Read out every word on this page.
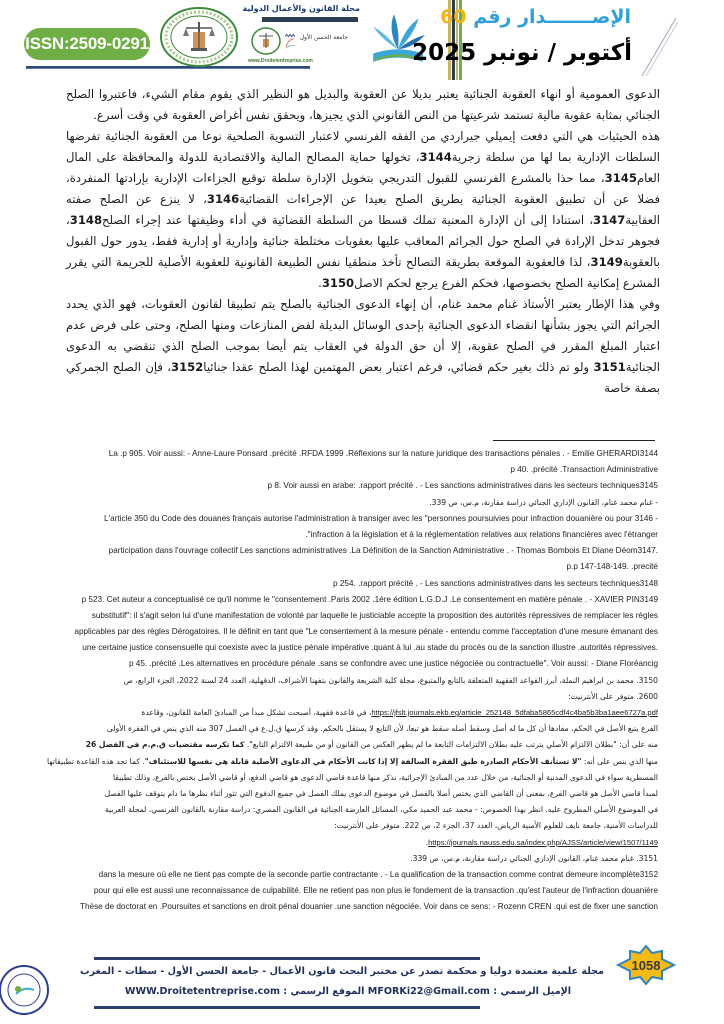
ISSN:2509-0291
مجلة القانون والأعمال الدولية
جامعة الحسن الأول
www.Droitetentreprise.com
الإصـــــــدار رقم 60
أكتوبر / نونبر 2025

الدعوى العمومية أو انهاء العقوبة الجنائية يعتبر بديلا عن العقوبة والبديل هو النظير الذي يقوم مقام الشيء، فاعتبروا الصلح الجنائي بمثابة عقوبة مالية تستمد شرعيتها من النص القانوني الذي يجيزها، ويحقق نفس أغراض العقوبة في وقت أسرع.

هذه الحيثيات هي التي دفعت إيميلي جيراردي من الفقه الفرنسي لاعتبار التسوية الصلحية نوعا من العقوبة الجنائية تفرضها السلطات الإدارية بما لها من سلطة زجرية3144، تخولها حماية المصالح المالية والاقتصادية للدولة والمحافظة على المال العام3145، مما حذا بالمشرع الفرنسي للقبول التدريجي بتخويل الإدارة سلطة توقيع الجزاءات الإدارية بإرادتها المنفردة، فضلا عن أن تطبيق العقوبة الجنائية بطريق الصلح بعيدا عن الإجراءات القضائية3146، لا ينزع عن الصلح صفته العقابية3147، استنادا إلى أن الإدارة المعنية تملك قسطا من السلطة القضائية في أداء وظيفتها عند إجراء الصلح3148، فجوهر تدخل الإرادة في الصلح حول الجرائم المعاقب عليها بعقوبات مختلطة جنائية وإدارية أو إدارية فقط، يدور حول القبول بالعقوبة3149، لذا فالعقوبة الموقعة بطريقة التصالح تأخذ منطقيا نفس الطبيعة القانونية للعقوبة الأصلية للجريمة التي يقرر المشرع إمكانية الصلح بخصوصها، فحكم الفرع يرجع لحكم الاصل3150.

وفي هذا الإطار يعتبر الأستاذ غنام محمد غنام، أن إنهاء الدعوى الجنائية بالصلح يتم تطبيقا لقانون العقوبات، فهو الذي يحدد الجرائم التي يجوز بشأنها انقضاء الدعوى الجنائية بإحدى الوسائل البديلة لفض المنازعات ومنها الصلح، وحتى على فرض عدم اعتبار المبلغ المقرر في الصلح عقوبة، إلا أن حق الدولة في العقاب يتم أيضا بموجب الصلح الذي تنقضي به الدعوى الجنائية3151 ولو تم ذلك بغير حكم قضائي، فرغم اعتبار بعض المهتمين لهذا الصلح عقدا جنائيا3152، فإن الصلح الجمركي بصفة خاصة

La .p 905. Voir aussi: - Anne-Laure Ponsard .précité .RFDA 1999 .Réflexions sur la nature juridique des transactions pénales . - Emilie GHERARDI3144
p 40. .précité .Transaction Administrative
p 8. Voir aussi en arabe: .rapport précité . - Les sanctions administratives dans les secteurs techniques3145
- غنام محمد غنام، القانون الإداري الجنائي دراسة مقارنة، م.س، ص 339.
- L'article 350 du Code des douanes français autorise l'administration à transiger avec les "personnes poursuivies pour infraction douanière ou pour 3146
infraction à la législation et à la réglementation relatives aux relations financières avec l'étranger".
.participation dans l'ouvrage collectif Les sanctions administratives .La Définition de la Sanction Administrative . - Thomas Bombois Et Diane Déom3147
p.p 147-148-149. .precité
p 254. .rapport précité . - Les sanctions administratives dans les secteurs techniques3148
p 523. Cet auteur a conceptualisé ce qu'il nomme le "consentement .Paris 2002 .1ére édition L.G.D.J .Le consentement en matière pénale . - XAVIER PIN3149
substitutif": il s'agit selon lui d'une manifestation de volonté par laquelle le justiciable accepte la proposition des autorités répressives de remplacer les règles
applicables par des règles Dérogatoires. Il le définit en tant que "Le consentement à la mesure pénale - entendu comme l'acceptation d'une mesure émanant des
.une certaine justice consensuelle qui coexiste avec la justice pénale impérative .quant à lui .au stade du procès ou de la sanction illustre .autorités répressives
p 45. .précité .Les alternatives en procédure pénale .sans se confondre avec une justice négociée ou contractuelle". Voir aussi: - Diane Floréancig
3150. محمد بن ابراهيم النملة، أبرز القواعد الفقهية المتعلقة بالتابع والمتبوع، مجلة كلية الشريعة والقانون بتفهنا الأشراف، الدقهلية، العدد 24 لسنة 2022، الجزء الرابع، ص
2600. متوفر على الأنترنيت:
https://jfslt.journals.ekb.eg/article_252148_5dfaba5865cdf4c4ba5b3ba1aee6727a.pdf، في قاعدة فقهية، أصبحت تشكل مبدأ من المبادئ العامة للقانون، وقاعدة
الفرع يتبع الأصل في الحكم، مفادها أن كل ما له أصل وسقط أصله سقط هو تبعا، لأن التابع لا يستقل بالحكم. وقد كرسها ق.ل.ع في الفصل 307 منه الذي ينص في الفقرة الأولى
منه على أن: "بطلان الالتزام الأصلي يترتب عليه بطلان الالتزامات التابعة ما لم يظهر العكس من القانون أو من طبيعة الالتزام التابع". كما تكرسه مقتضيات ق.م.م في الفصل 26
منها الذي ينص على أنه: "لا تستأنف الأحكام الصادرة طبق الفقرة السالفة إلا إذا كانت الأحكام في الدعاوى الأصلية قابلة هي نفسها للاستئناف". كما تجد هذه القاعدة تطبيقاتها
المسطرية سواء في الدعوى المدنية أو الجنائية، من خلال عدد من المبادئ الإجرائية، نذكر منها قاعدة قاضي الدعوى هو قاضي الدفع، أو قاضي الأصل يختص بالفرع، وذلك تطبيقا
لمبدأ قاضي الأصل هو قاضي الفرع، بمعنى أن القاضي الذي يختص أصلا بالفصل في موضوع الدعوى يملك الفصل في جميع الدفوع التي تثور أثناء نظرها ما دام يتوقف عليها الفصل
في الموضوع الأصلي المطروح عليه. انظر بهذا الخصوص: - محمد عبد الحميد مكي، المسائل العارضة الجنائية في القانون المصري: دراسة مقارنة بالقانون الفرنسي، لمجلة العربية
للدراسات الأمنية، جامعة نايف للعلوم الأمنية الرياض، العدد 37، الجزء 2، ص 222. متوفر على الأنترنيت:
https://journals.nauss.edu.sa/index.php/AJSS/article/view/1507/1149.
3151. غنام محمد غنام، القانون الإداري الجنائي دراسة مقارنة، م.س، ص 339.
dans la mesure où elle ne tient pas compte de la seconde partie contractante . - La qualification de la transaction comme contrat demeure incomplète3152
pour qui elle est aussi une reconnaissance de culpabilité. Elle ne retient pas non plus le fondement de la transaction .qu'est l'auteur de l'infraction douanière
Thèse de doctorat en .Poursuites et sanctions en droit pénal douanier .une sanction négociée. Voir dans ce sens: - Rozenn CREN .qui est de fixer une sanction
مجلة علمية معتمدة دوليا و محكمة تصدر عن مختبر البحث قانون الأعمال - جامعة الحسن الأول - سطات - المغرب
الإميل الرسمي : MFORKi22@Gmail.com الموقع الرسمي : WWW.Droitetentreprise.com
1058
